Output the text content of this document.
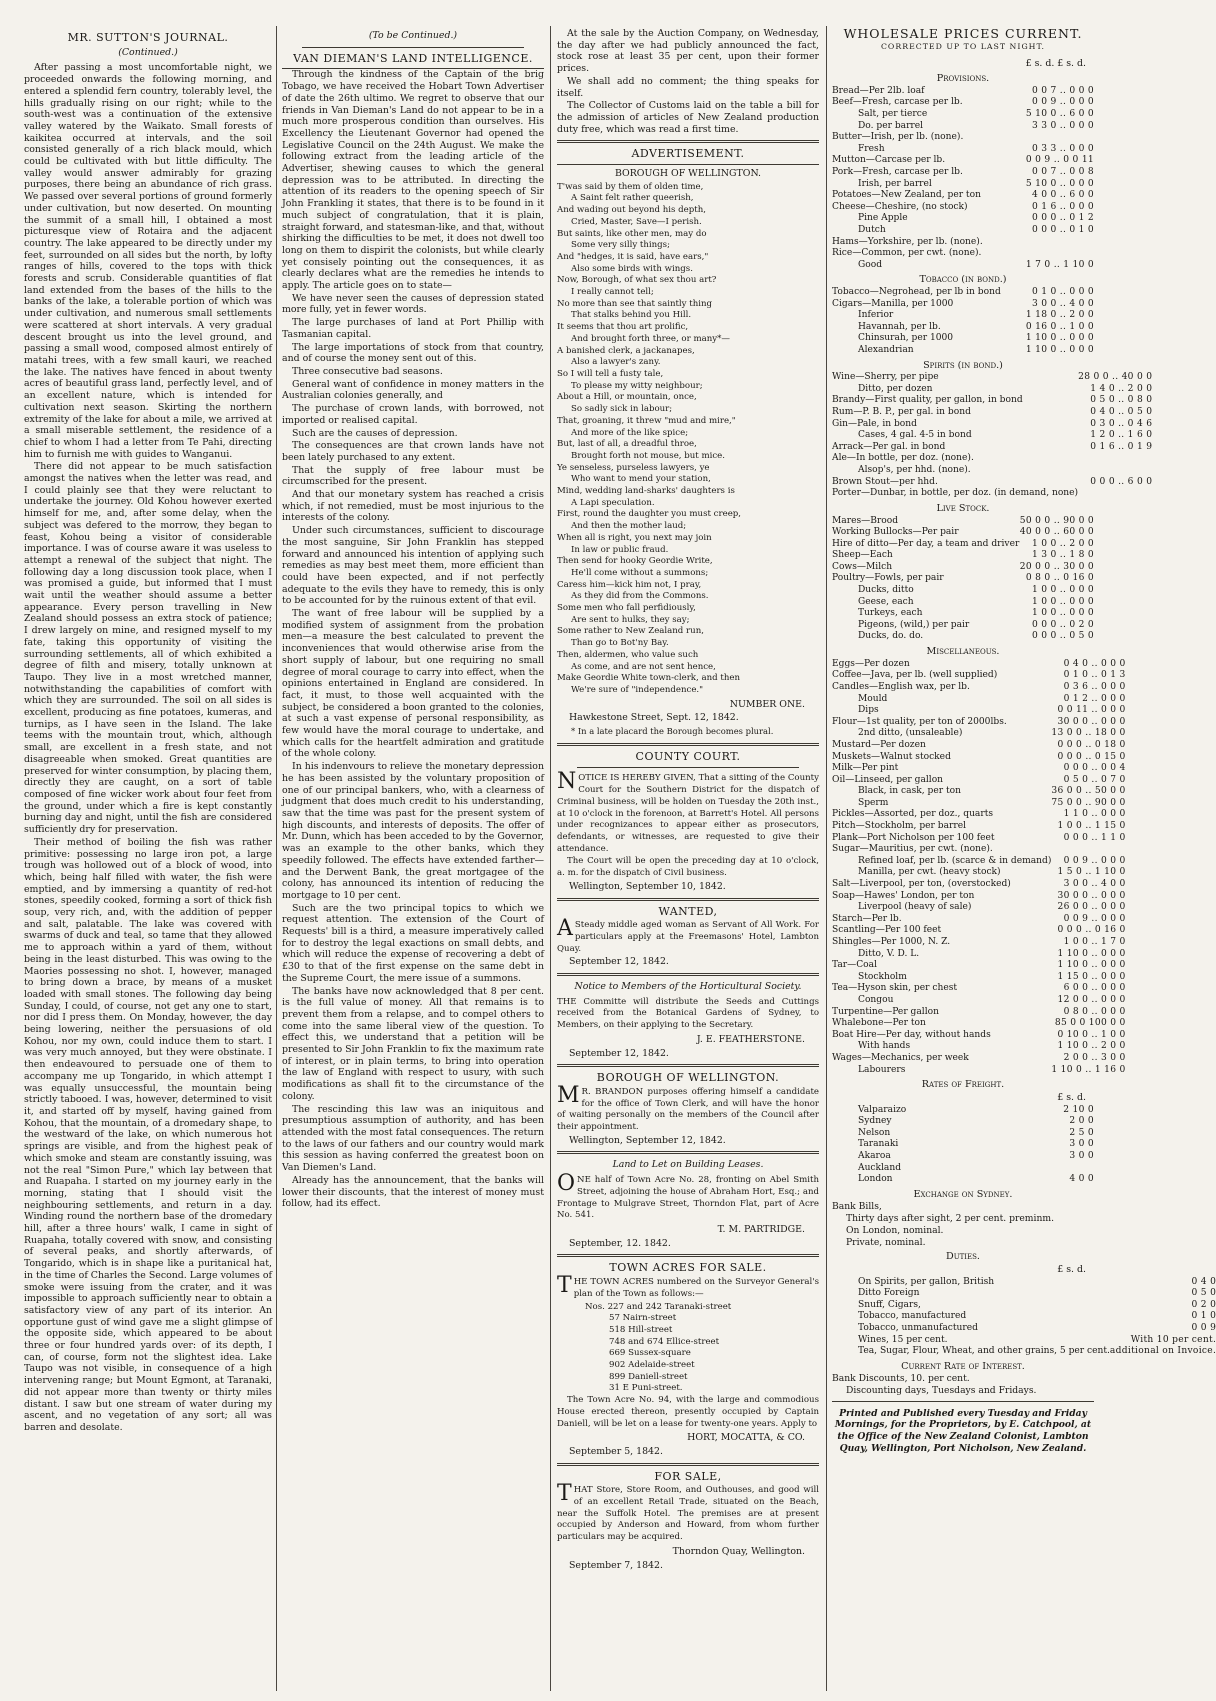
MR. SUTTON'S JOURNAL.
(Continued.)

After passing a most uncomfortable night, we proceeded onwards the following morning, and entered a splendid fern country, tolerably level, the hills gradually rising on our right; while to the south-west was a continuation of the extensive valley watered by the Waikato. Small forests of kaikitea occurred at intervals, and the soil consisted generally of a rich black mould, which could be cultivated with but little difficulty. The valley would answer admirably for grazing purposes, there being an abundance of rich grass. We passed over several portions of ground formerly under cultivation, but now deserted. On mounting the summit of a small hill, I obtained a most picturesque view of Rotaira and the adjacent country. The lake appeared to be directly under my feet, surrounded on all sides but the north, by lofty ranges of hills, covered to the tops with thick forests and scrub. Considerable quantities of flat land extended from the bases of the hills to the banks of the lake, a tolerable portion of which was under cultivation, and numerous small settlements were scattered at short intervals. A very gradual descent brought us into the level ground, and passing a small wood, composed almost entirely of matahi trees, with a few small kauri, we reached the lake. The natives have fenced in about twenty acres of beautiful grass land, perfectly level, and of an excellent nature, which is intended for cultivation next season. Skirting the northern extremity of the lake for about a mile, we arrived at a small miserable settlement, the residence of a chief to whom I had a letter from Te Pahi, directing him to furnish me with guides to Wanganui.

There did not appear to be much satisfaction amongst the natives when the letter was read, and I could plainly see that they were reluctant to undertake the journey. Old Kohou however exerted himself for me, and, after some delay, when the subject was defered to the morrow, they began to feast, Kohou being a visitor of considerable importance. I was of course aware it was useless to attempt a renewal of the subject that night. The following day a long discussion took place, when I was promised a guide, but informed that I must wait until the weather should assume a better appearance. Every person travelling in New Zealand should possess an extra stock of patience; I drew largely on mine, and resigned myself to my fate, taking this opportunity of visiting the surrounding settlements, all of which exhibited a degree of filth and misery, totally unknown at Taupo. They live in a most wretched manner, notwithstanding the capabilities of comfort with which they are surrounded. The soil on all sides is excellent, producing as fine potatoes, kumeras, and turnips, as I have seen in the Island. The lake teems with the mountain trout, which, although small, are excellent in a fresh state, and not disagreeable when smoked. Great quantities are preserved for winter consumption, by placing them, directly they are caught, on a sort of table composed of fine wicker work about four feet from the ground, under which a fire is kept constantly burning day and night, until the fish are considered sufficiently dry for preservation.

Their method of boiling the fish was rather primitive: possessing no large iron pot, a large trough was hollowed out of a block of wood, into which, being half filled with water, the fish were emptied, and by immersing a quantity of red-hot stones, speedily cooked, forming a sort of thick fish soup, very rich, and, with the addition of pepper and salt, palatable. The lake was covered with swarms of duck and teal, so tame that they allowed me to approach within a yard of them, without being in the least disturbed. This was owing to the Maories possessing no shot. I, however, managed to bring down a brace, by means of a musket loaded with small stones. The following day being Sunday, I could, of course, not get any one to start, nor did I press them. On Monday, however, the day being lowering, neither the persuasions of old Kohou, nor my own, could induce them to start. I was very much annoyed, but they were obstinate. I then endeavoured to persuade one of them to accompany me up Tongarido, in which attempt I was equally unsuccessful, the mountain being strictly tabooed. I was, however, determined to visit it, and started off by myself, having gained from Kohou, that the mountain, of a dromedary shape, to the westward of the lake, on which numerous hot springs are visible, and from the highest peak of which smoke and steam are constantly issuing, was not the real "Simon Pure," which lay between that and Ruapaha. I started on my journey early in the morning, stating that I should visit the neighbouring settlements, and return in a day. Winding round the northern base of the dromedary hill, after a three hours' walk, I came in sight of Ruapaha, totally covered with snow, and consisting of several peaks, and shortly afterwards, of Tongarido, which is in shape like a puritanical hat, in the time of Charles the Second. Large volumes of smoke were issuing from the crater, and it was impossible to approach sufficiently near to obtain a satisfactory view of any part of its interior. An opportune gust of wind gave me a slight glimpse of the opposite side, which appeared to be about three or four hundred yards over: of its depth, I can, of course, form not the slightest idea. Lake Taupo was not visible, in consequence of a high intervening range; but Mount Egmont, at Taranaki, did not appear more than twenty or thirty miles distant. I saw but one stream of water during my ascent, and no vegetation of any sort; all was barren and desolate.

(To be Continued.)
VAN DIEMAN'S LAND INTELLIGENCE.

Through the kindness of the Captain of the brig Tobago, we have received the Hobart Town Advertiser of date the 26th ultimo. We regret to observe that our friends in Van Dieman's Land do not appear to be in a much more prosperous condition than ourselves. His Excellency the Lieutenant Governor had opened the Legislative Council on the 24th August. We make the following extract from the leading article of the Advertiser, shewing causes to which the general depression was to be attributed. In directing the attention of its readers to the opening speech of Sir John Frankling it states, that there is to be found in it much subject of congratulation, that it is plain, straight forward, and statesman-like, and that, without shirking the difficulties to be met, it does not dwell too long on them to dispirit the colonists, but while clearly yet consisely pointing out the consequences, it as clearly declares what are the remedies he intends to apply. The article goes on to state—

We have never seen the causes of depression stated more fully, yet in fewer words.

The large purchases of land at Port Phillip with Tasmanian capital.

The large importations of stock from that country, and of course the money sent out of this.

Three consecutive bad seasons.

General want of confidence in money matters in the Australian colonies generally, and

The purchase of crown lands, with borrowed, not imported or realised capital.

Such are the causes of depression.

The consequences are that crown lands have not been lately purchased to any extent.

That the supply of free labour must be circumscribed for the present.

And that our monetary system has reached a crisis which, if not remedied, must be most injurious to the interests of the colony.

Under such circumstances, sufficient to discourage the most sanguine, Sir John Franklin has stepped forward and announced his intention of applying such remedies as may best meet them, more efficient than could have been expected, and if not perfectly adequate to the evils they have to remedy, this is only to be accounted for by the ruinous extent of that evil.

The want of free labour will be supplied by a modified system of assignment from the probation men—a measure the best calculated to prevent the inconveniences that would otherwise arise from the short supply of labour, but one requiring no small degree of moral courage to carry into effect, when the opinions entertained in England are considered. In fact, it must, to those well acquainted with the subject, be considered a boon granted to the colonies, at such a vast expense of personal responsibility, as few would have the moral courage to undertake, and which calls for the heartfelt admiration and gratitude of the whole colony.

In his indenvours to relieve the monetary depression he has been assisted by the voluntary proposition of one of our principal bankers, who, with a clearness of judgment that does much credit to his understanding, saw that the time was past for the present system of high discounts, and interests of deposits. The offer of Mr. Dunn, which has been acceded to by the Governor, was an example to the other banks, which they speedily followed. The effects have extended farther—and the Derwent Bank, the great mortgagee of the colony, has announced its intention of reducing the mortgage to 10 per cent.

Such are the two principal topics to which we request attention. The extension of the Court of Requests' bill is a third, a measure imperatively called for to destroy the legal exactions on small debts, and which will reduce the expense of recovering a debt of £30 to that of the first expense on the same debt in the Supreme Court, the mere issue of a summons.

The banks have now acknowledged that 8 per cent. is the full value of money. All that remains is to prevent them from a relapse, and to compel others to come into the same liberal view of the question. To effect this, we understand that a petition will be presented to Sir John Franklin to fix the maximum rate of interest, or in plain terms, to bring into operation the law of England with respect to usury, with such modifications as shall fit to the circumstance of the colony.

The rescinding this law was an iniquitous and presumptious assumption of authority, and has been attended with the most fatal consequences. The return to the laws of our fathers and our country would mark this session as having conferred the greatest boon on Van Diemen's Land.

Already has the announcement, that the banks will lower their discounts, that the interest of money must follow, had its effect.

At the sale by the Auction Company, on Wednesday, the day after we had publicly announced the fact, stock rose at least 35 per cent, upon their former prices.

We shall add no comment; the thing speaks for itself.

The Collector of Customs laid on the table a bill for the admission of articles of New Zealand production duty free, which was read a first time.

ADVERTISEMENT.
BOROUGH OF WELLINGTON.

T'was said by them of olden time,

A Saint felt rather queerish,

And wading out beyond his depth,

Cried, Master, Save—I perish.

But saints, like other men, may do

Some very silly things;

And "hedges, it is said, have ears,"

Also some birds with wings.

Now, Borough, of what sex thou art?

I really cannot tell;

No more than see that saintly thing

That stalks behind you Hill.

It seems that thou art prolific,

And brought forth three, or many*—

A banished clerk, a jackanapes,

Also a lawyer's zany.

So I will tell a fusty tale,

To please my witty neighbour;

About a Hill, or mountain, once,

So sadly sick in labour;

That, groaning, it threw "mud and mire,"

And more of the like spice;

But, last of all, a dreadful throe,

Brought forth not mouse, but mice.

Ye senseless, purseless lawyers, ye

Who want to mend your station,

Mind, wedding land-sharks' daughters is

A Lapi speculation.

First, round the daughter you must creep,

And then the mother laud;

When all is right, you next may join

In law or public fraud.

Then send for hooky Geordie Write,

He'll come without a summons;

Caress him—kick him not, I pray,

As they did from the Commons.

Some men who fall perfidiously,

Are sent to hulks, they say;

Some rather to New Zealand run,

Than go to Bot'ny Bay.

Then, aldermen, who value such

As come, and are not sent hence,

Make Geordie White town-clerk, and then

We're sure of "independence."

NUMBER ONE.

Hawkestone Street, Sept. 12, 1842.

* In a late placard the Borough becomes plural.
COUNTY COURT.

NOTICE IS HEREBY GIVEN, That a sitting of the County Court for the Southern District for the dispatch of Criminal business, will be holden on Tuesday the 20th inst., at 10 o'clock in the forenoon, at Barrett's Hotel. All persons under recognizances to appear either as prosecutors, defendants, or witnesses, are requested to give their attendance.

The Court will be open the preceding day at 10 o'clock, a. m. for the dispatch of Civil business.

Wellington, September 10, 1842.

WANTED,

ASteady middle aged woman as Servant of All Work. For particulars apply at the Freemasons' Hotel, Lambton Quay.

September 12, 1842.

Notice to Members of the Horticultural Society.

THE Committe will distribute the Seeds and Cuttings received from the Botanical Gardens of Sydney, to Members, on their applying to the Secretary.

J. E. FEATHERSTONE.

September 12, 1842.

BOROUGH OF WELLINGTON.

MR. BRANDON purposes offering himself a candidate for the office of Town Clerk, and will have the honor of waiting personally on the members of the Council after their appointment.

Wellington, September 12, 1842.

Land to Let on Building Leases.

ONE half of Town Acre No. 28, fronting on Abel Smith Street, adjoining the house of Abraham Hort, Esq.; and Frontage to Mulgrave Street, Thorndon Flat, part of Acre No. 541.

T. M. PARTRIDGE.

September, 12. 1842.

TOWN ACRES FOR SALE.

THE TOWN ACRES numbered on the Surveyor General's plan of the Town as follows:—

Nos. 227 and 242 Taranaki-street
57 Nairn-street
518 Hill-street
748 and 674 Ellice-street
669 Sussex-square
902 Adelaide-street
899 Daniell-street
31 E Puni-street.

The Town Acre No. 94, with the large and commodious House erected thereon, presently occupied by Captain Daniell, will be let on a lease for twenty-one years. Apply to

HORT, MOCATTA, & CO.

September 5, 1842.

FOR SALE,

THAT Store, Store Room, and Outhouses, and good will of an excellent Retail Trade, situated on the Beach, near the Suffolk Hotel. The premises are at present occupied by Anderson and Howard, from whom further particulars may be acquired.

Thorndon Quay, Wellington.

September 7, 1842.

WHOLESALE PRICES CURRENT.
CORRECTED UP TO LAST NIGHT.
£ s. d. £ s. d.
Provisions.
Bread—Per 2lb. loaf	0 0 7 .. 0 0 0
Beef—Fresh, carcase per lb.	0 0 9 .. 0 0 0
Salt, per tierce	5 10 0 .. 6 0 0
Do. per barrel	3 3 0 .. 0 0 0
Butter—Irish, per lb. (none).	
Fresh	0 3 3 .. 0 0 0
Mutton—Carcase per lb.	0 0 9 .. 0 0 11
Pork—Fresh, carcase per lb.	0 0 7 .. 0 0 8
Irish, per barrel	5 10 0 .. 0 0 0
Potatoes—New Zealand, per ton	4 0 0 .. 6 0 0
Cheese—Cheshire, (no stock)	0 1 6 .. 0 0 0
Pine Apple	0 0 0 .. 0 1 2
Dutch	0 0 0 .. 0 1 0
Hams—Yorkshire, per lb. (none).	
Rice—Common, per cwt. (none).	
Good	1 7 0 .. 1 10 0
Tobacco (in bond.)
Tobacco—Negrohead, per lb in bond	0 1 0 .. 0 0 0
Cigars—Manilla, per 1000	3 0 0 .. 4 0 0
Inferior	1 18 0 .. 2 0 0
Havannah, per lb.	0 16 0 .. 1 0 0
Chinsurah, per 1000	1 10 0 .. 0 0 0
Alexandrian	1 10 0 .. 0 0 0
Spirits (in bond.)
Wine—Sherry, per pipe	28 0 0 .. 40 0 0
Ditto, per dozen	1 4 0 .. 2 0 0
Brandy—First quality, per gallon, in bond	0 5 0 .. 0 8 0
Rum—P. B. P., per gal. in bond	0 4 0 .. 0 5 0
Gin—Pale, in bond	0 3 0 .. 0 4 6
Cases, 4 gal. 4-5 in bond	1 2 0 .. 1 6 0
Arrack—Per gal. in bond	0 1 6 .. 0 1 9
Ale—In bottle, per doz. (none).	
Alsop's, per hhd. (none).	
Brown Stout—per hhd.	0 0 0 .. 6 0 0
Porter—Dunbar, in bottle, per doz. (in demand, none)	
Live Stock.
Mares—Brood	50 0 0 .. 90 0 0
Working Bullocks—Per pair	40 0 0 .. 60 0 0
Hire of ditto—Per day, a team and driver	1 0 0 .. 2 0 0
Sheep—Each	1 3 0 .. 1 8 0
Cows—Milch	20 0 0 .. 30 0 0
Poultry—Fowls, per pair	0 8 0 .. 0 16 0
Ducks, ditto	1 0 0 .. 0 0 0
Geese, each	1 0 0 .. 0 0 0
Turkeys, each	1 0 0 .. 0 0 0
Pigeons, (wild,) per pair	0 0 0 .. 0 2 0
Ducks, do. do.	0 0 0 .. 0 5 0
Miscellaneous.
Eggs—Per dozen	0 4 0 .. 0 0 0
Coffee—Java, per lb. (well supplied)	0 1 0 .. 0 1 3
Candles—English wax, per lb.	0 3 6 .. 0 0 0
Mould	0 1 2 .. 0 0 0
Dips	0 0 11 .. 0 0 0
Flour—1st quality, per ton of 2000lbs.	30 0 0 .. 0 0 0
2nd ditto, (unsaleable)	13 0 0 .. 18 0 0
Mustard—Per dozen	0 0 0 .. 0 18 0
Muskets—Walnut stocked	0 0 0 .. 0 15 0
Milk—Per pint	0 0 0 .. 0 0 4
Oil—Linseed, per gallon	0 5 0 .. 0 7 0
Black, in cask, per ton	36 0 0 .. 50 0 0
Sperm	75 0 0 .. 90 0 0
Pickles—Assorted, per doz., quarts	1 1 0 .. 0 0 0
Pitch—Stockholm, per barrel	1 0 0 .. 1 15 0
Plank—Port Nicholson per 100 feet	0 0 0 .. 1 1 0
Sugar—Mauritius, per cwt. (none).	
Refined loaf, per lb. (scarce & in demand)	0 0 9 .. 0 0 0
Manilla, per cwt. (heavy stock)	1 5 0 .. 1 10 0
Salt—Liverpool, per ton, (overstocked)	3 0 0 .. 4 0 0
Soap—Hawes' London, per ton	30 0 0 .. 0 0 0
Liverpool (heavy of sale)	26 0 0 .. 0 0 0
Starch—Per lb.	0 0 9 .. 0 0 0
Scantling—Per 100 feet	0 0 0 .. 0 16 0
Shingles—Per 1000, N. Z.	1 0 0 .. 1 7 0
Ditto, V. D. L.	1 10 0 .. 0 0 0
Tar—Coal	1 10 0 .. 0 0 0
Stockholm	1 15 0 .. 0 0 0
Tea—Hyson skin, per chest	6 0 0 .. 0 0 0
Congou	12 0 0 .. 0 0 0
Turpentine—Per gallon	0 8 0 .. 0 0 0
Whalebone—Per ton	85 0 0 100 0 0
Boat Hire—Per day, without hands	0 10 0 .. 1 0 0
With hands	1 10 0 .. 2 0 0
Wages—Mechanics, per week	2 0 0 .. 3 0 0
Labourers	1 10 0 .. 1 16 0
Rates of Freight.
£ s. d.
Valparaizo	2 10 0
Sydney	2 0 0
Nelson	2 5 0
Taranaki	3 0 0
Akaroa	3 0 0
Auckland	
London	4 0 0
Exchange on Sydney.
Bank Bills,
Thirty days after sight, 2 per cent. preminm.
On London, nominal.
Private, nominal.
Duties.
£ s. d.
On Spirits, per gallon, British	0 4 0
Ditto Foreign	0 5 0
Snuff, Cigars,	0 2 0
Tobacco, manufactured	0 1 0
Tobacco, unmanufactured	0 0 9
Wines, 15 per cent.	With 10 per cent.
Tea, Sugar, Flour, Wheat, and other grains, 5 per cent.	additional on Invoice.
Current Rate of Interest.
Bank Discounts, 10. per cent.
Discounting days, Tuesdays and Fridays.
Printed and Published every Tuesday and Friday Mornings, for the Proprietors, by E. Catchpool, at the Office of the New Zealand Colonist, Lambton Quay, Wellington, Port Nicholson, New Zealand.
